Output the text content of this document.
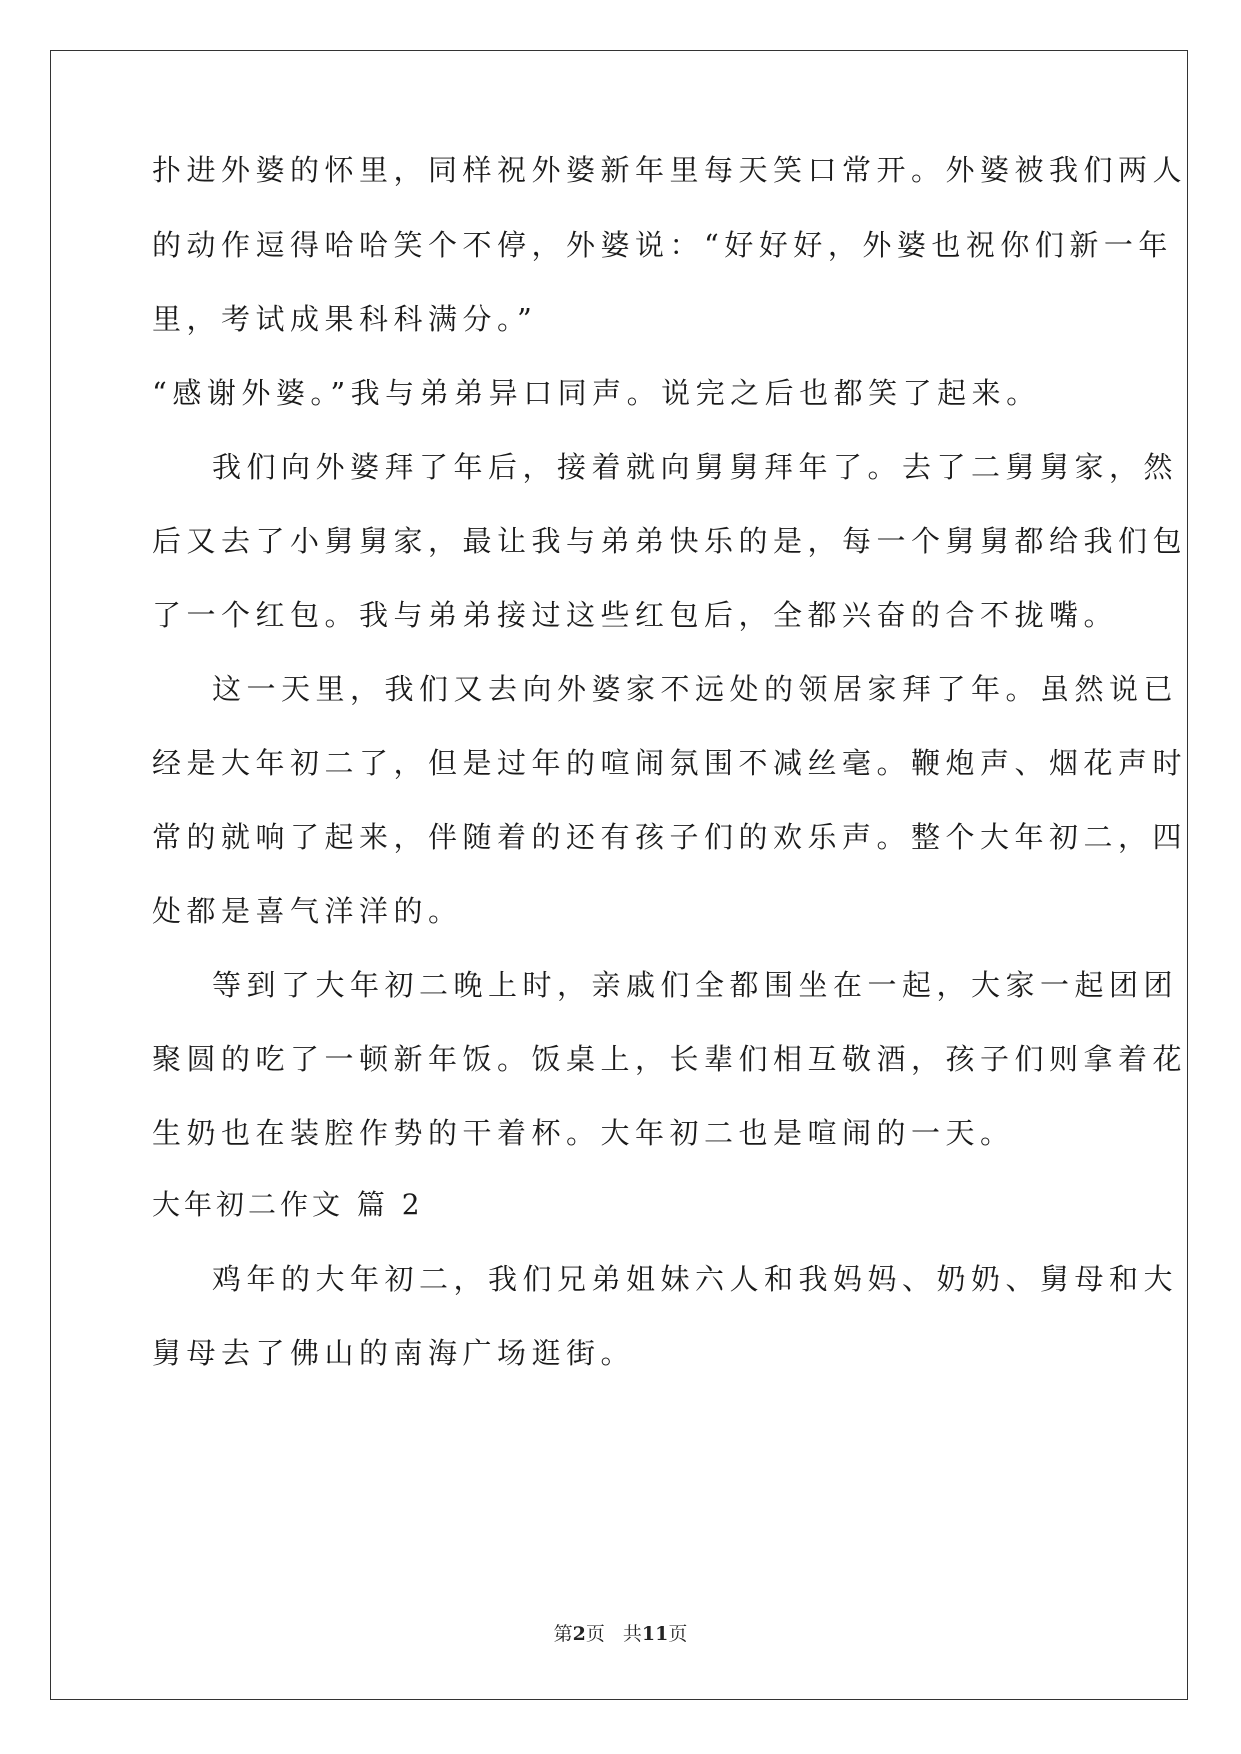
扑进外婆的怀里，同样祝外婆新年里每天笑口常开。外婆被我们两人
的动作逗得哈哈笑个不停，外婆说：“好好好，外婆也祝你们新一年
里，考试成果科科满分。”
“感谢外婆。”我与弟弟异口同声。说完之后也都笑了起来。
我们向外婆拜了年后，接着就向舅舅拜年了。去了二舅舅家，然
后又去了小舅舅家，最让我与弟弟快乐的是，每一个舅舅都给我们包
了一个红包。我与弟弟接过这些红包后，全都兴奋的合不拢嘴。
这一天里，我们又去向外婆家不远处的领居家拜了年。虽然说已
经是大年初二了，但是过年的喧闹氛围不减丝毫。鞭炮声、烟花声时
常的就响了起来，伴随着的还有孩子们的欢乐声。整个大年初二，四
处都是喜气洋洋的。
等到了大年初二晚上时，亲戚们全都围坐在一起，大家一起团团
聚圆的吃了一顿新年饭。饭桌上，长辈们相互敬酒，孩子们则拿着花
生奶也在装腔作势的干着杯。大年初二也是喧闹的一天。
大年初二作文 篇 2
鸡年的大年初二，我们兄弟姐妹六人和我妈妈、奶奶、舅母和大
舅母去了佛山的南海广场逛街。
第2页 共11页
